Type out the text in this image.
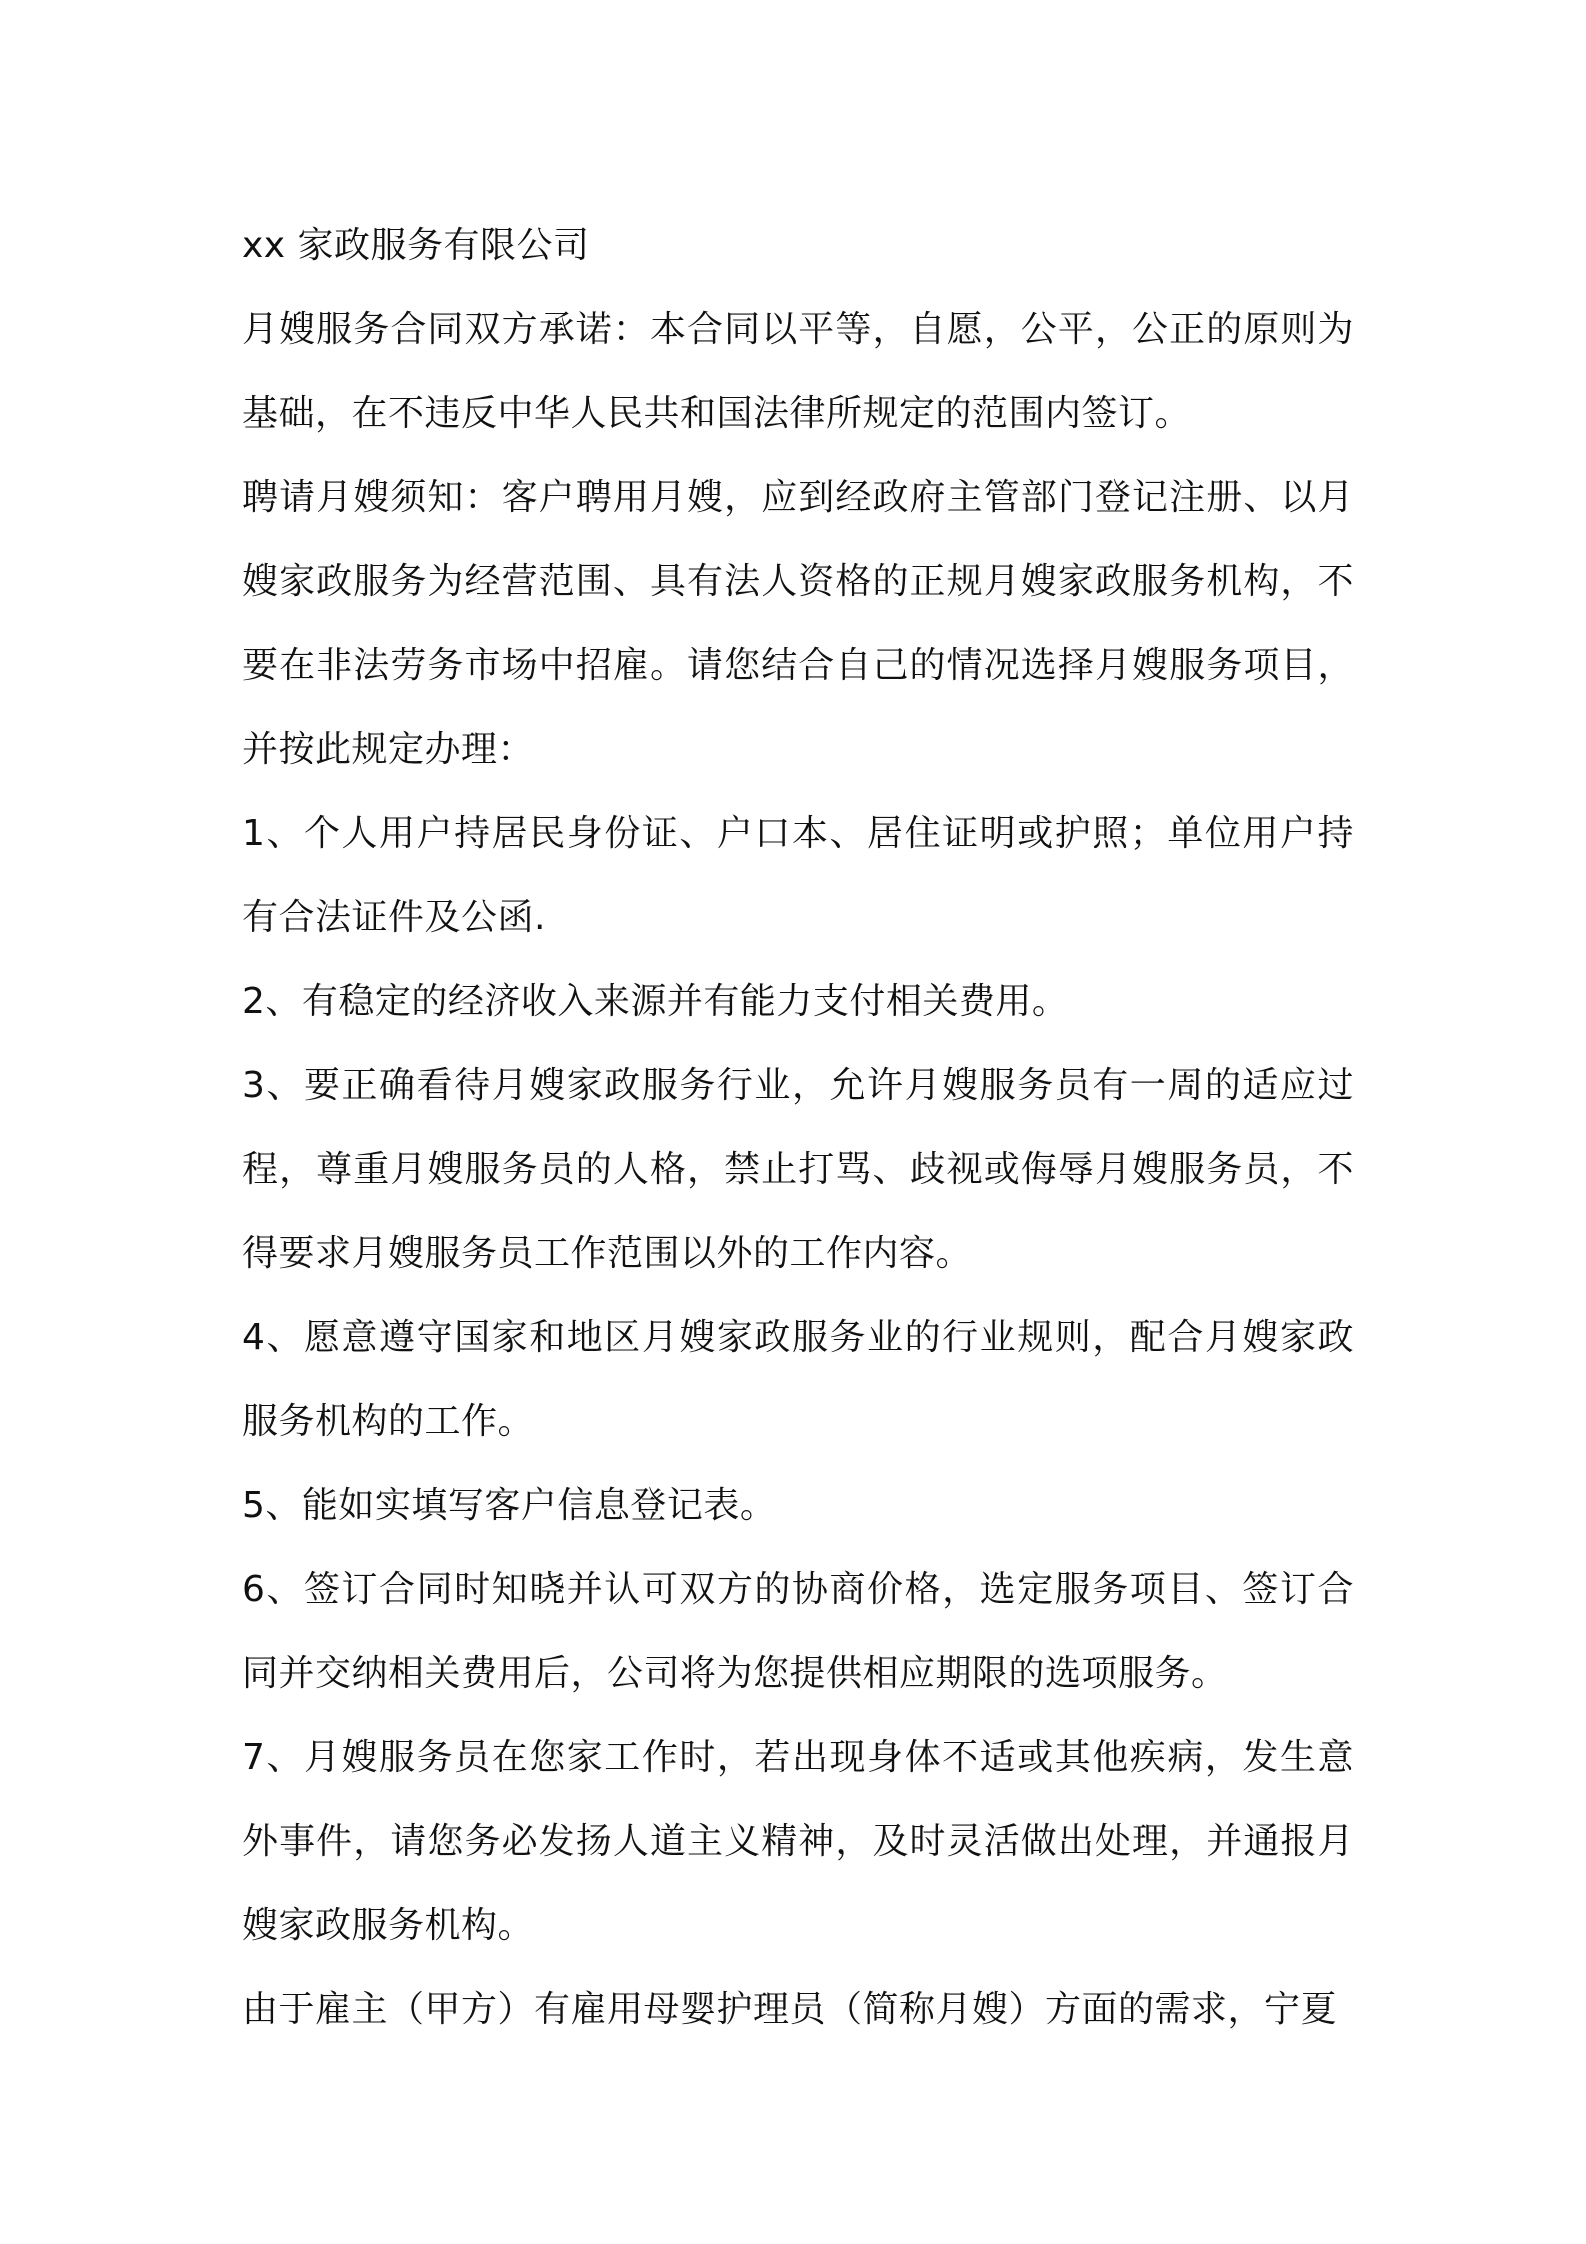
xx 家政服务有限公司

月嫂服务合同双方承诺：本合同以平等，自愿，公平，公正的原则为基础，在不违反中华人民共和国法律所规定的范围内签订。

聘请月嫂须知：客户聘用月嫂，应到经政府主管部门登记注册、以月嫂家政服务为经营范围、具有法人资格的正规月嫂家政服务机构，不要在非法劳务市场中招雇。请您结合自己的情况选择月嫂服务项目，并按此规定办理：

1、个人用户持居民身份证、户口本、居住证明或护照；单位用户持有合法证件及公函.

2、有稳定的经济收入来源并有能力支付相关费用。

3、要正确看待月嫂家政服务行业，允许月嫂服务员有一周的适应过程，尊重月嫂服务员的人格，禁止打骂、歧视或侮辱月嫂服务员，不得要求月嫂服务员工作范围以外的工作内容。

4、愿意遵守国家和地区月嫂家政服务业的行业规则，配合月嫂家政服务机构的工作。

5、能如实填写客户信息登记表。

6、签订合同时知晓并认可双方的协商价格，选定服务项目、签订合同并交纳相关费用后，公司将为您提供相应期限的选项服务。

7、月嫂服务员在您家工作时，若出现身体不适或其他疾病，发生意外事件，请您务必发扬人道主义精神，及时灵活做出处理，并通报月嫂家政服务机构。

由于雇主（甲方）有雇用母婴护理员（简称月嫂）方面的需求，宁夏
